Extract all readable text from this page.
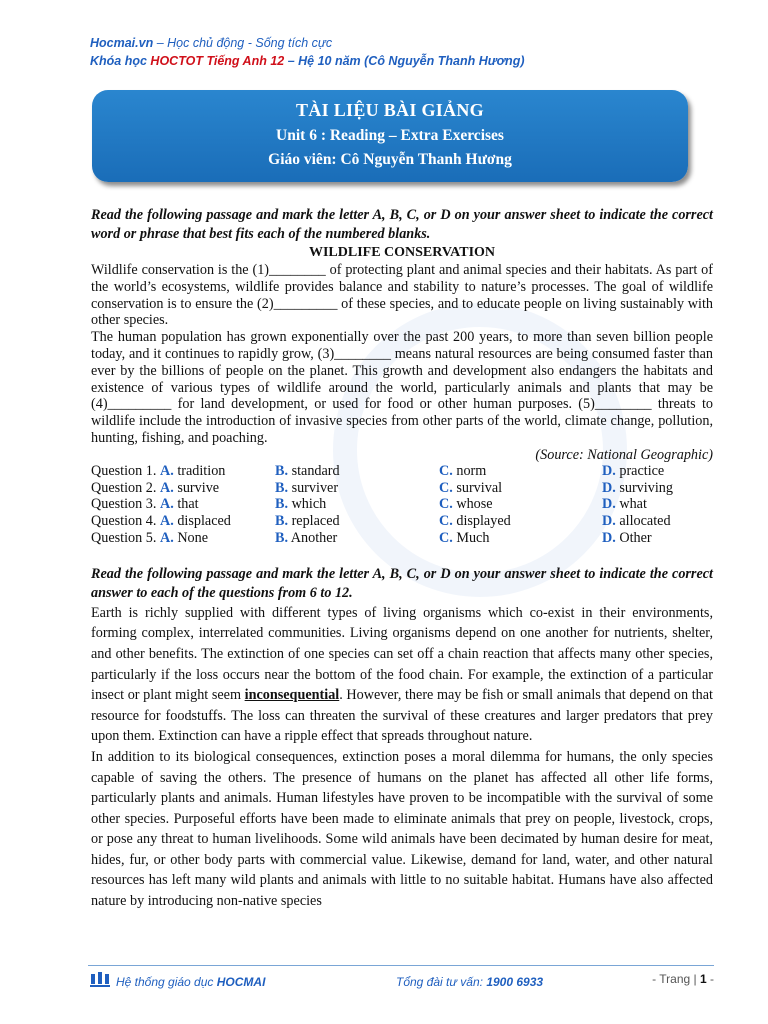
Hocmai.vn – Học chủ động - Sống tích cực
Khóa học HOCTOT Tiếng Anh 12 – Hệ 10 năm (Cô Nguyễn Thanh Hương)
TÀI LIỆU BÀI GIẢNG
Unit 6 : Reading – Extra Exercises
Giáo viên: Cô Nguyễn Thanh Hương
Read the following passage and mark the letter A, B, C, or D on your answer sheet to indicate the correct word or phrase that best fits each of the numbered blanks.
WILDLIFE CONSERVATION

Wildlife conservation is the (1)________ of protecting plant and animal species and their habitats. As part of the world’s ecosystems, wildlife provides balance and stability to nature’s processes. The goal of wildlife conservation is to ensure the (2)_________ of these species, and to educate people on living sustainably with other species.

The human population has grown exponentially over the past 200 years, to more than seven billion people today, and it continues to rapidly grow, (3)________ means natural resources are being consumed faster than ever by the billions of people on the planet. This growth and development also endangers the habitats and existence of various types of wildlife around the world, particularly animals and plants that may be (4)_________ for land development, or used for food or other human purposes. (5)________ threats to wildlife include the introduction of invasive species from other parts of the world, climate change, pollution, hunting, fishing, and poaching.

(Source: National Geographic)
Question 1. A. tradition	B. standard	C. norm	D. practice
Question 2. A. survive	B. surviver	C. survival	D. surviving
Question 3. A. that	B. which	C. whose	D. what
Question 4. A. displaced	B. replaced	C. displayed	D. allocated
Question 5. A. None	B. Another	C. Much	D. Other
Read the following passage and mark the letter A, B, C, or D on your answer sheet to indicate the correct answer to each of the questions from 6 to 12.

Earth is richly supplied with different types of living organisms which co-exist in their environments, forming complex, interrelated communities. Living organisms depend on one another for nutrients, shelter, and other benefits. The extinction of one species can set off a chain reaction that affects many other species, particularly if the loss occurs near the bottom of the food chain. For example, the extinction of a particular insect or plant might seem inconsequential. However, there may be fish or small animals that depend on that resource for foodstuffs. The loss can threaten the survival of these creatures and larger predators that prey upon them. Extinction can have a ripple effect that spreads throughout nature.

In addition to its biological consequences, extinction poses a moral dilemma for humans, the only species capable of saving the others. The presence of humans on the planet has affected all other life forms, particularly plants and animals. Human lifestyles have proven to be incompatible with the survival of some other species. Purposeful efforts have been made to eliminate animals that prey on people, livestock, crops, or pose any threat to human livelihoods. Some wild animals have been decimated by human desire for meat, hides, fur, or other body parts with commercial value. Likewise, demand for land, water, and other natural resources has left many wild plants and animals with little to no suitable habitat. Humans have also affected nature by introducing non-native species

Hệ thống giáo dục HOCMAI	Tổng đài tư vấn: 1900 6933	- Trang | 1 -
